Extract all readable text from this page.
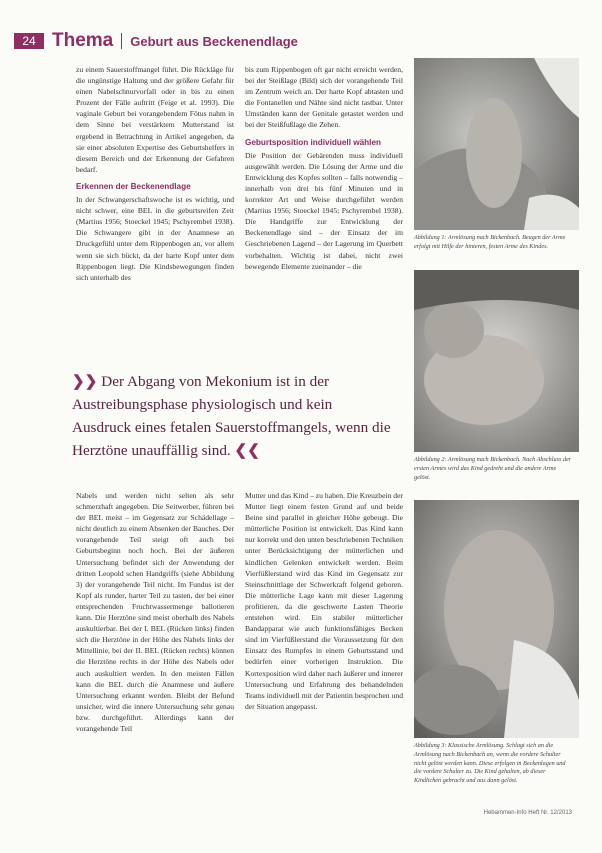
24 Thema Geburt aus Beckenendlage

zu einem Sauerstoffmangel führt. Die Rückläge für die ungünstige Haltung und der größere Gefahr für einen Nabelschnurvorfall oder in bis zu einen Prozent der Fälle auftritt (Feige et al. 1993). Die vaginale Geburt bei vorangehendem Fötus nahm in dem Sinne bei verstärktem Mutterstand ist ergebend in Betrachtung in Artikel angegeben, da sie einer absoluten Expertise des Geburtshelfers in diesem Bereich und der Erkennung der Gefahren bedarf.

Erkennen der Beckenendlage

In der Schwangerschaftswoche ist es wichtig, und nicht schwer, eine BEL in die geburtsreifen Zeit (Martius 1956; Stoeckel 1945; Pschyrembel 1938). Die Schwangere gibt in der Anamnese an Druckgefühl unter dem Rippenbogen an, vor allem wenn sie sich bückt, da der harte Kopf unter dem Rippenbogen liegt. Die Kindsbewegungen finden sich unterhalb des

bis zum Rippenbogen oft gar nicht erreicht werden, bei der Steißlage (Bild) sich der vorangehende Teil im Zentrum weich an. Der harte Kopf abtasten und die Fontanellen und Nähte sind nicht tastbar. Unter Umständen kann der Genitale getastet werden und bei der Steißfußlage die Zehen.

Geburtsposition individuell wählen

Die Position der Gebärenden muss individuell ausgewählt werden. Die Lösung der Arme und die Entwicklung des Kopfes sollten – falls notwendig – innerhalb von drei bis fünf Minuten und in korrekter Art und Weise durchgeführt werden (Martius 1956; Stoeckel 1945; Pschyrembel 1938). Die Handgriffe zur Entwicklung der Beckenendlage sind – der Einsatz der im Geschriebenen Lagend – der Lagerung im Querbett vorbehalten. Wichtig ist dabei, nicht zwei bewegende Elemente zueinander – die

❯❯ Der Abgang von Mekonium ist in der Austreibungsphase physiologisch und kein Ausdruck eines fetalen Sauerstoffmangels, wenn die Herztöne unauffällig sind. ❮❮

Nabels und werden nicht selten als sehr schmerzhaft angegeben. Die Seitwerber, führen bei der BEL meist – im Gegensatz zur Schädellage – nicht deutlich zu einem Absenken der Bauches. Der vorangehende Teil steigt oft auch bei Geburtsbeginn noch hoch. Bei der äußeren Untersuchung befindet sich der Anwendung der dritten Leopold schen Handgriffs (siehe Abbildung 3) der vorangehende Teil nicht. Im Fundus ist der Kopf als runder, harter Teil zu tasten, der bei einer entsprechenden Fruchtwassermenge ballotieren kann. Die Herztöne sind meist oberhalb des Nabels auskultierbar. Bei der I. BEL (Rücken links) finden sich die Herztöne in der Höhe des Nabels links der Mittellinie, bei der II. BEL (Rücken rechts) können die Herztöne rechts in der Höhe des Nabels oder auch auskultiert werden. In den meisten Fällen kann die BEL durch die Anamnese und äußere Untersuchung erkannt werden. Bleibt der Befund unsicher, wird die innere Untersuchung sehr genau bzw. durchgeführt. Allerdings kann der vorangehende Teil

Mutter und das Kind – zu haben. Die Kreuzbein der Mutter liegt einem festen Grund auf und beide Beine sind parallel in gleicher Höhe gebeugt. Die mütterliche Position ist entwickelt. Das Kind kann nur korrekt und den unten beschriebenen Techniken unter Berücksichtigung der mütterlichen und kindlichen Gelenken entwickelt werden. Beim Vierfüßlerstand wird das Kind im Gegensatz zur Steinschnittlage der Schwerkraft folgend geboren. Die mütterliche Lage kann mit dieser Lagerung profitieren, da die geschwerte Lasten Theorie entstehen wird. Ein stabiler mütterlicher Bandapparat wie auch funktionsfähiges Becken sind im Vierfüßlerstand die Voraussetzung für den Einsatz des Rumpfes in einem Geburtsstand und bedürfen einer vorherigen Instruktion. Die Kortexposition wird daher nach äußerer und innerer Untersuchung und Erfahrung des behandelnden Teams individuell mit der Patientin besprochen und der Situation angepasst.

Abbildung 1: Armlösung nach Bickenbach. Beugen der Arme erfolgt mit Hilfe der hinteren, festen Arme des Kindes.
Abbildung 2: Armlösung nach Bickenbach. Nach Abschluss der ersten Armes wird das Kind gedreht und die andere Arme gelöst.
Abbildung 3: Klassische Armlösung. Schlagt sich an die Armlösung nach Bickenbach an, wenn die vordere Schulter nicht gelöst werden kann. Diese erfolgen in Beckenlagen und die vordere Schulter zu. Die Kind gehalten, ab dieser Kindlichen gebracht und aus dann gelöst.
Hebammen-Info Heft Nr. 12/2013
